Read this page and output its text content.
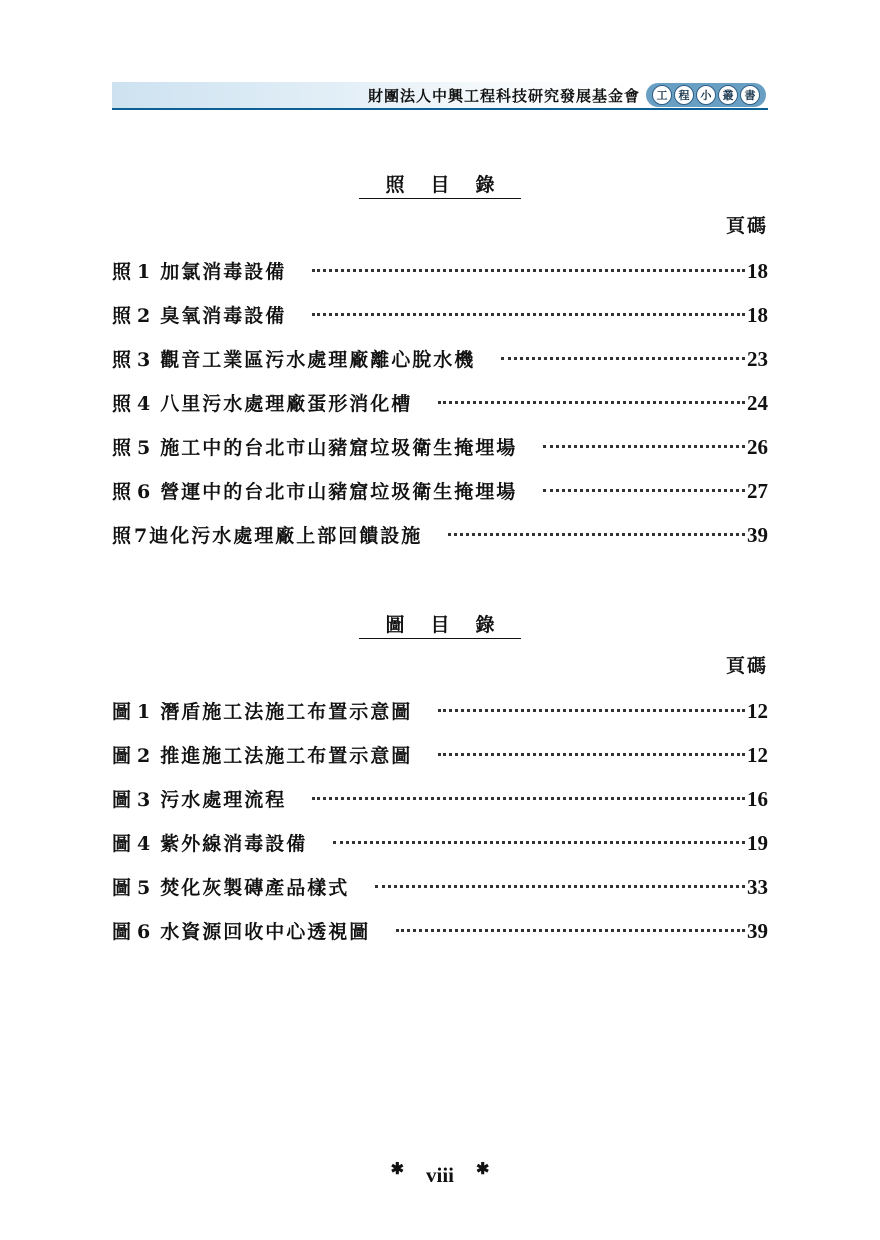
財團法人中興工程科技研究發展基金會	工	程	小	叢	書
照目錄
頁碼
照 1 加氯消毒設備	18
照 2 臭氧消毒設備	18
照 3 觀音工業區污水處理廠離心脫水機	23
照 4 八里污水處理廠蛋形消化槽	24
照 5 施工中的台北市山豬窟垃圾衛生掩埋場	26
照 6 營運中的台北市山豬窟垃圾衛生掩埋場	27
照 7 迪化污水處理廠上部回饋設施	39
圖目錄
頁碼
圖 1 潛盾施工法施工布置示意圖	12
圖 2 推進施工法施工布置示意圖	12
圖 3 污水處理流程	16
圖 4 紫外線消毒設備	19
圖 5 焚化灰製磚產品樣式	33
圖 6 水資源回收中心透視圖	39
✱ viii ✱
